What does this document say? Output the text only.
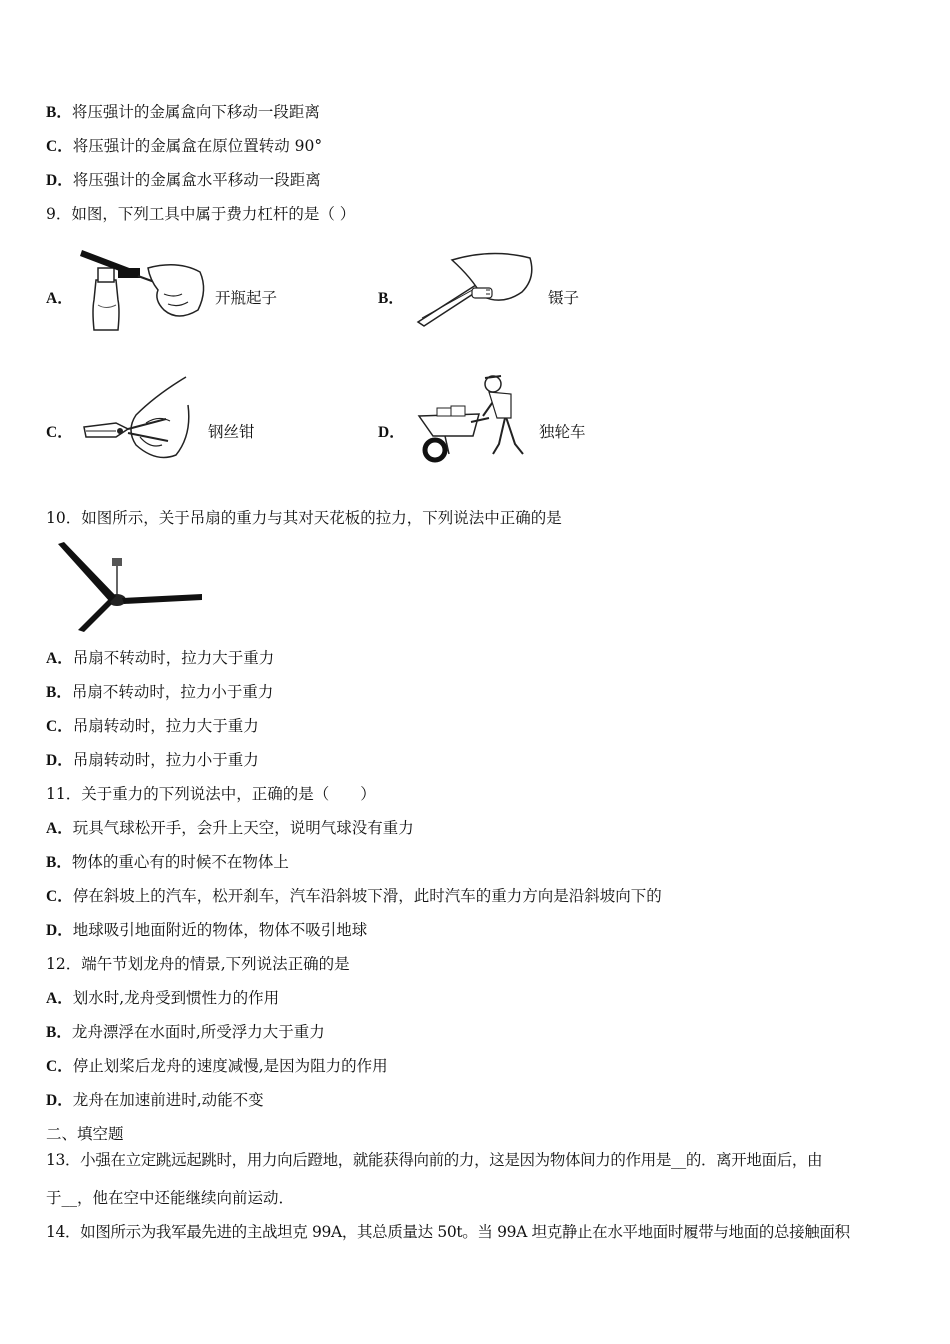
B．将压强计的金属盒向下移动一段距离
C．将压强计的金属盒在原位置转动 90°
D．将压强计的金属盒水平移动一段距离
9．如图，下列工具中属于费力杠杆的是（ ）
A．	开瓶起子	B．	镊子
C．	钢丝钳	D．	独轮车
10．如图所示，关于吊扇的重力与其对天花板的拉力，下列说法中正确的是
A．吊扇不转动时，拉力大于重力
B．吊扇不转动时，拉力小于重力
C．吊扇转动时，拉力大于重力
D．吊扇转动时，拉力小于重力
11．关于重力的下列说法中，正确的是（　　）
A．玩具气球松开手，会升上天空，说明气球没有重力
B．物体的重心有的时候不在物体上
C．停在斜坡上的汽车，松开刹车，汽车沿斜坡下滑，此时汽车的重力方向是沿斜坡向下的
D．地球吸引地面附近的物体，物体不吸引地球
12．端午节划龙舟的情景,下列说法正确的是
A．划水时,龙舟受到惯性力的作用
B．龙舟漂浮在水面时,所受浮力大于重力
C．停止划桨后龙舟的速度减慢,是因为阻力的作用
D．龙舟在加速前进时,动能不变
二、填空题
13．小强在立定跳远起跳时，用力向后蹬地，就能获得向前的力，这是因为物体间力的作用是__的．离开地面后，由
于__，他在空中还能继续向前运动．
14．如图所示为我军最先进的主战坦克 99A，其总质量达 50t。当 99A 坦克静止在水平地面时履带与地面的总接触面积
